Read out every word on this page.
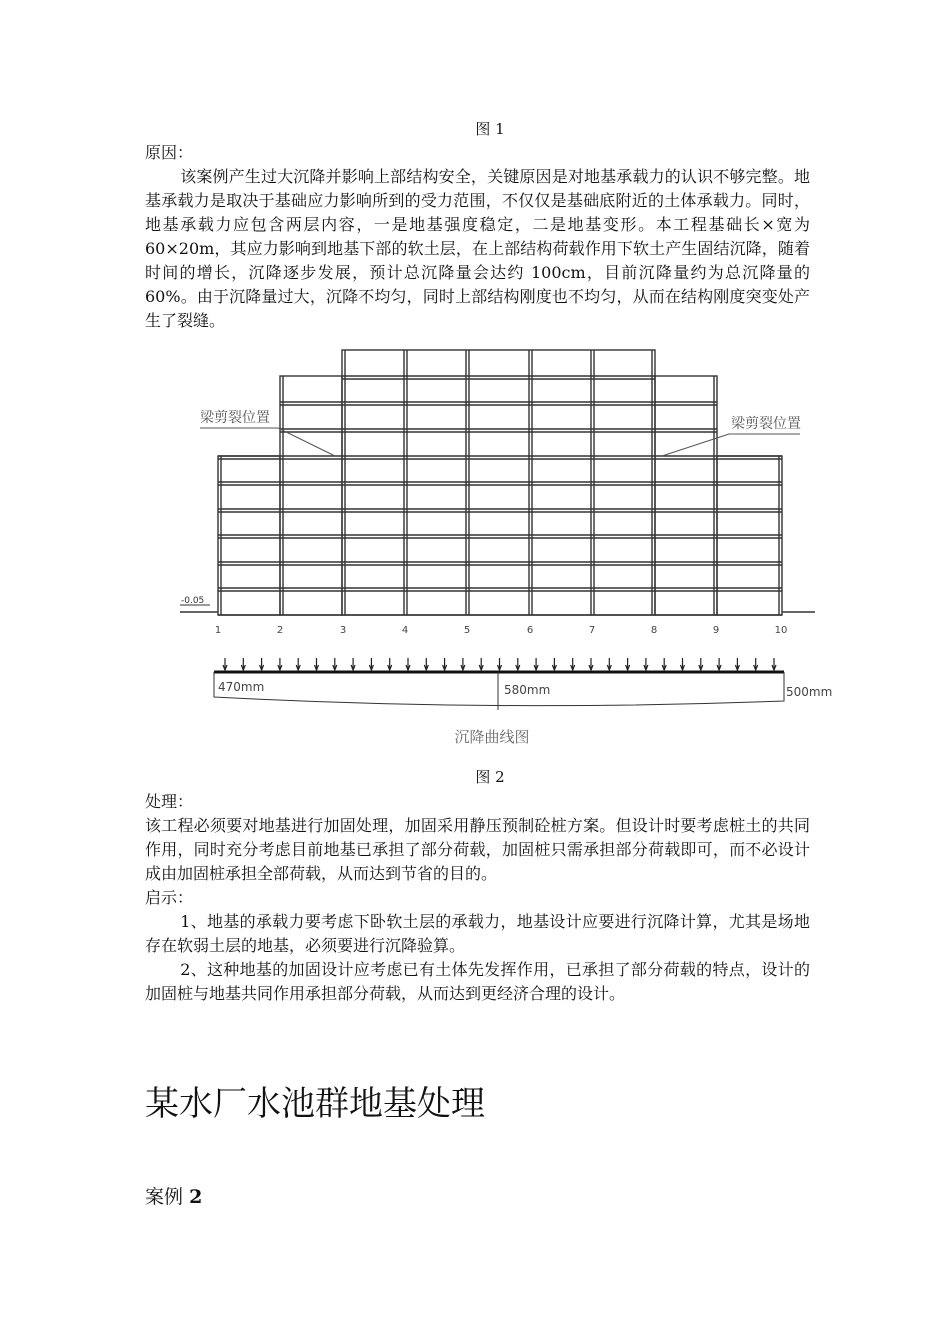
图 1
原因：
该案例产生过大沉降并影响上部结构安全，关键原因是对地基承载力的认识不够完整。地基承载力是取决于基础应力影响所到的受力范围，不仅仅是基础底附近的土体承载力。同时，地基承载力应包含两层内容，一是地基强度稳定，二是地基变形。本工程基础长×宽为 60×20m，其应力影响到地基下部的软土层，在上部结构荷载作用下软土产生固结沉降，随着时间的增长，沉降逐步发展，预计总沉降量会达约 100cm，目前沉降量约为总沉降量的 60%。由于沉降量过大，沉降不均匀，同时上部结构刚度也不均匀，从而在结构刚度突变处产生了裂缝。
-0.05
梁剪裂位置	梁剪裂位置
1	2	3	4	5	6	7	8	9	10
470mm	580mm	500mm
沉降曲线图
图 2
处理：
该工程必须要对地基进行加固处理，加固采用静压预制砼桩方案。但设计时要考虑桩土的共同作用，同时充分考虑目前地基已承担了部分荷载，加固桩只需承担部分荷载即可，而不必设计成由加固桩承担全部荷载，从而达到节省的目的。
启示：
1、地基的承载力要考虑下卧软土层的承载力，地基设计应要进行沉降计算，尤其是场地存在软弱土层的地基，必须要进行沉降验算。
2、这种地基的加固设计应考虑已有土体先发挥作用，已承担了部分荷载的特点，设计的加固桩与地基共同作用承担部分荷载，从而达到更经济合理的设计。
某水厂水池群地基处理
案例 2
